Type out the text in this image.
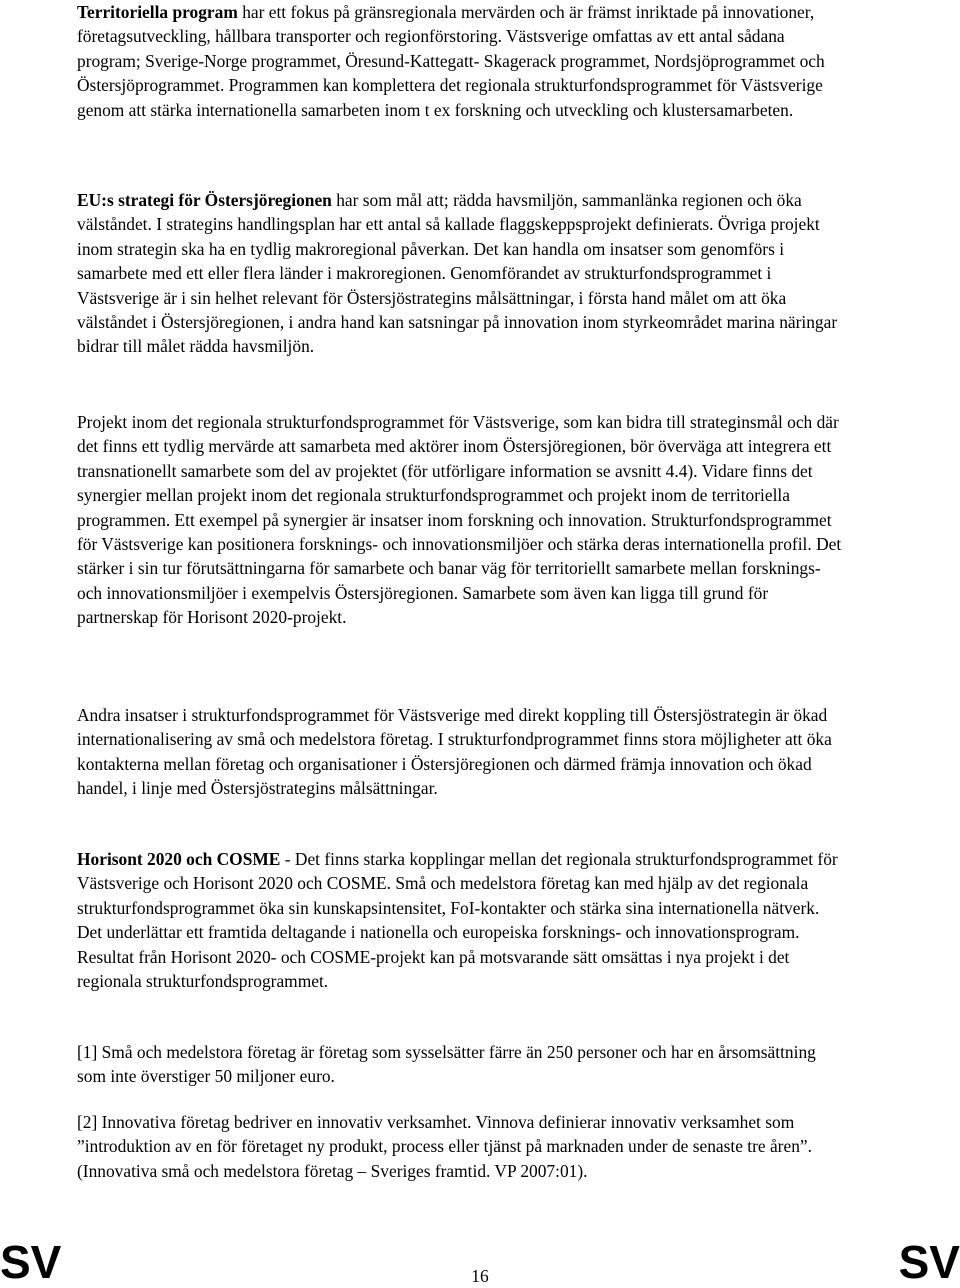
Territoriella program har ett fokus på gränsregionala mervärden och är främst inriktade på innovationer, företagsutveckling, hållbara transporter och regionförstoring. Västsverige omfattas av ett antal sådana program; Sverige-Norge programmet, Öresund-Kattegatt- Skagerack programmet, Nordsjöprogrammet och Östersjöprogrammet. Programmen kan komplettera det regionala strukturfondsprogrammet för Västsverige genom att stärka internationella samarbeten inom t ex forskning och utveckling och klustersamarbeten.

EU:s strategi för Östersjöregionen har som mål att; rädda havsmiljön, sammanlänka regionen och öka välståndet. I strategins handlingsplan har ett antal så kallade flaggskeppsprojekt definierats. Övriga projekt inom strategin ska ha en tydlig makroregional påverkan. Det kan handla om insatser som genomförs i samarbete med ett eller flera länder i makroregionen. Genomförandet av strukturfondsprogrammet i Västsverige är i sin helhet relevant för Östersjöstrategins målsättningar, i första hand målet om att öka välståndet i Östersjöregionen, i andra hand kan satsningar på innovation inom styrkeområdet marina näringar bidrar till målet rädda havsmiljön.

Projekt inom det regionala strukturfondsprogrammet för Västsverige, som kan bidra till strateginsmål och där det finns ett tydlig mervärde att samarbeta med aktörer inom Östersjöregionen, bör överväga att integrera ett transnationellt samarbete som del av projektet (för utförligare information se avsnitt 4.4). Vidare finns det synergier mellan projekt inom det regionala strukturfondsprogrammet och projekt inom de territoriella programmen. Ett exempel på synergier är insatser inom forskning och innovation. Strukturfondsprogrammet för Västsverige kan positionera forsknings- och innovationsmiljöer och stärka deras internationella profil. Det stärker i sin tur förutsättningarna för samarbete och banar väg för territoriellt samarbete mellan forsknings- och innovationsmiljöer i exempelvis Östersjöregionen. Samarbete som även kan ligga till grund för partnerskap för Horisont 2020-projekt.

Andra insatser i strukturfondsprogrammet för Västsverige med direkt koppling till Östersjöstrategin är ökad internationalisering av små och medelstora företag. I strukturfondprogrammet finns stora möjligheter att öka kontakterna mellan företag och organisationer i Östersjöregionen och därmed främja innovation och ökad handel, i linje med Östersjöstrategins målsättningar.

Horisont 2020 och COSME - Det finns starka kopplingar mellan det regionala strukturfondsprogrammet för Västsverige och Horisont 2020 och COSME. Små och medelstora företag kan med hjälp av det regionala strukturfondsprogrammet öka sin kunskapsintensitet, FoI-kontakter och stärka sina internationella nätverk. Det underlättar ett framtida deltagande i nationella och europeiska forsknings- och innovationsprogram. Resultat från Horisont 2020- och COSME-projekt kan på motsvarande sätt omsättas i nya projekt i det regionala strukturfondsprogrammet.

[1] Små och medelstora företag är företag som sysselsätter färre än 250 personer och har en årsomsättning som inte överstiger 50 miljoner euro.

[2] Innovativa företag bedriver en innovativ verksamhet. Vinnova definierar innovativ verksamhet som ”introduktion av en för företaget ny produkt, process eller tjänst på marknaden under de senaste tre åren”. (Innovativa små och medelstora företag – Sveriges framtid. VP 2007:01).

SV	16	SV
